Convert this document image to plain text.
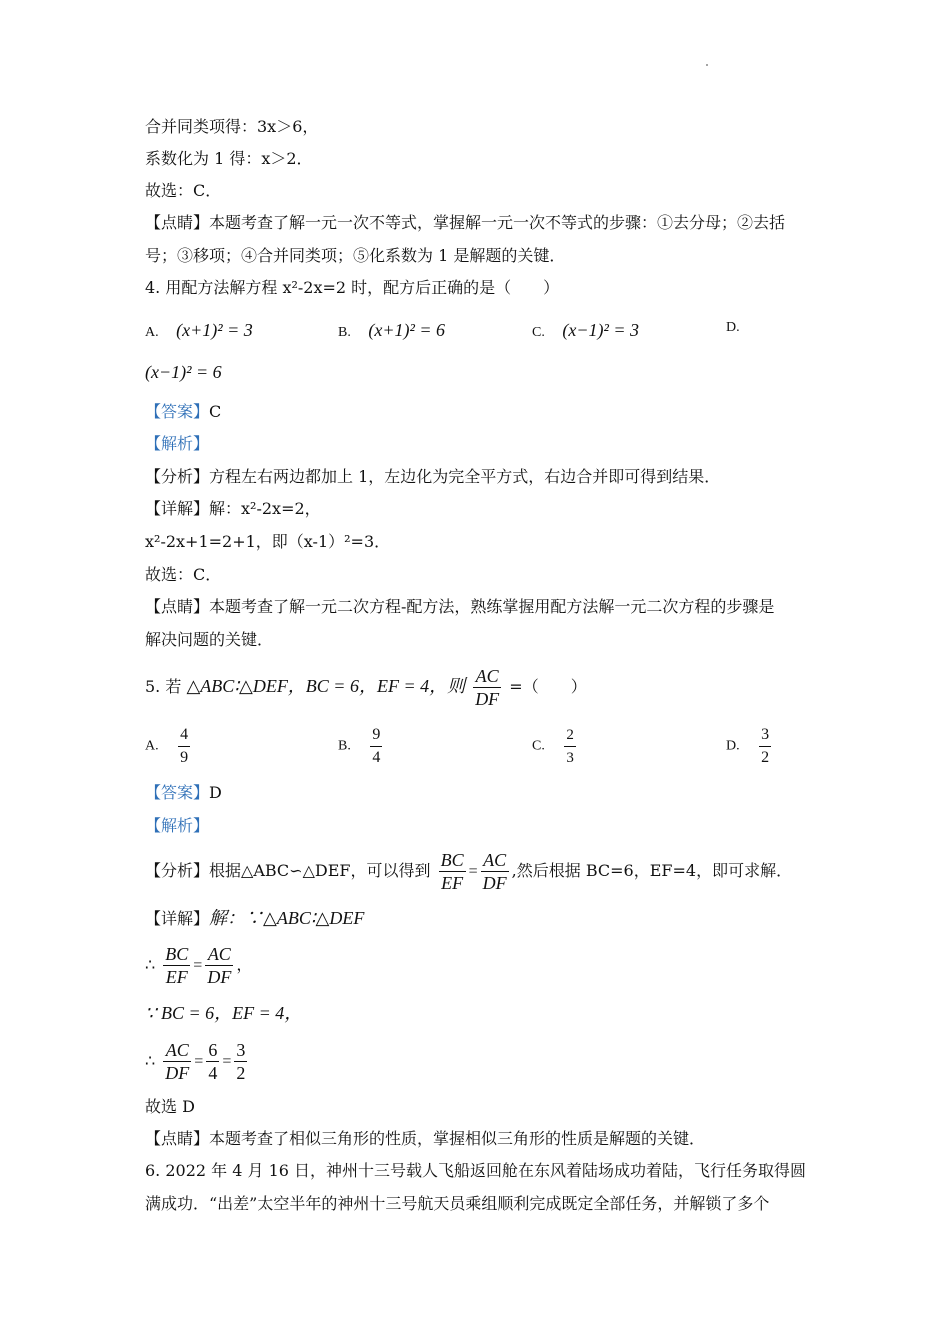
合并同类项得：3x＞6，
系数化为 1 得：x＞2．
故选：C．
【点睛】本题考查了解一元一次不等式，掌握解一元一次不等式的步骤：①去分母；②去括
号；③移项；④合并同类项；⑤化系数为 1 是解题的关键．
4. 用配方法解方程 x²-2x=2 时，配方后正确的是（　　）
A. (x+1)² = 3	B. (x+1)² = 6	C. (x−1)² = 3	D.
(x−1)² = 6
【答案】C
【解析】
【分析】方程左右两边都加上 1，左边化为完全平方式，右边合并即可得到结果．
【详解】解：x²-2x=2，
x²-2x+1=2+1，即（x-1）²=3．
故选：C．
【点睛】本题考查了解一元二次方程-配方法，熟练掌握用配方法解一元二次方程的步骤是
解决问题的关键．
5. 若 △ABC∶△DEF，BC = 6，EF = 4，则 $\frac{AC}{DF}$ =（　　）
A. $\frac{4}{9}$	B. $\frac{9}{4}$	C. $\frac{2}{3}$	D. $\frac{3}{2}$
【答案】D
【解析】
【分析】根据△ABC∽△DEF，可以得到 $\frac{BC}{EF} = \frac{AC}{DF}$ ,然后根据 BC=6，EF=4，即可求解．
【详解】解：∵△ABC∶△DEF
∴ $\frac{BC}{EF} = \frac{AC}{DF}$ ，
∵ BC = 6，EF = 4，
∴ $\frac{AC}{DF} = \frac{6}{4} = \frac{3}{2}$
故选 D
【点睛】本题考查了相似三角形的性质，掌握相似三角形的性质是解题的关键．
6. 2022 年 4 月 16 日，神州十三号载人飞船返回舱在东风着陆场成功着陆，飞行任务取得圆
满成功．“出差”太空半年的神州十三号航天员乘组顺利完成既定全部任务，并解锁了多个
